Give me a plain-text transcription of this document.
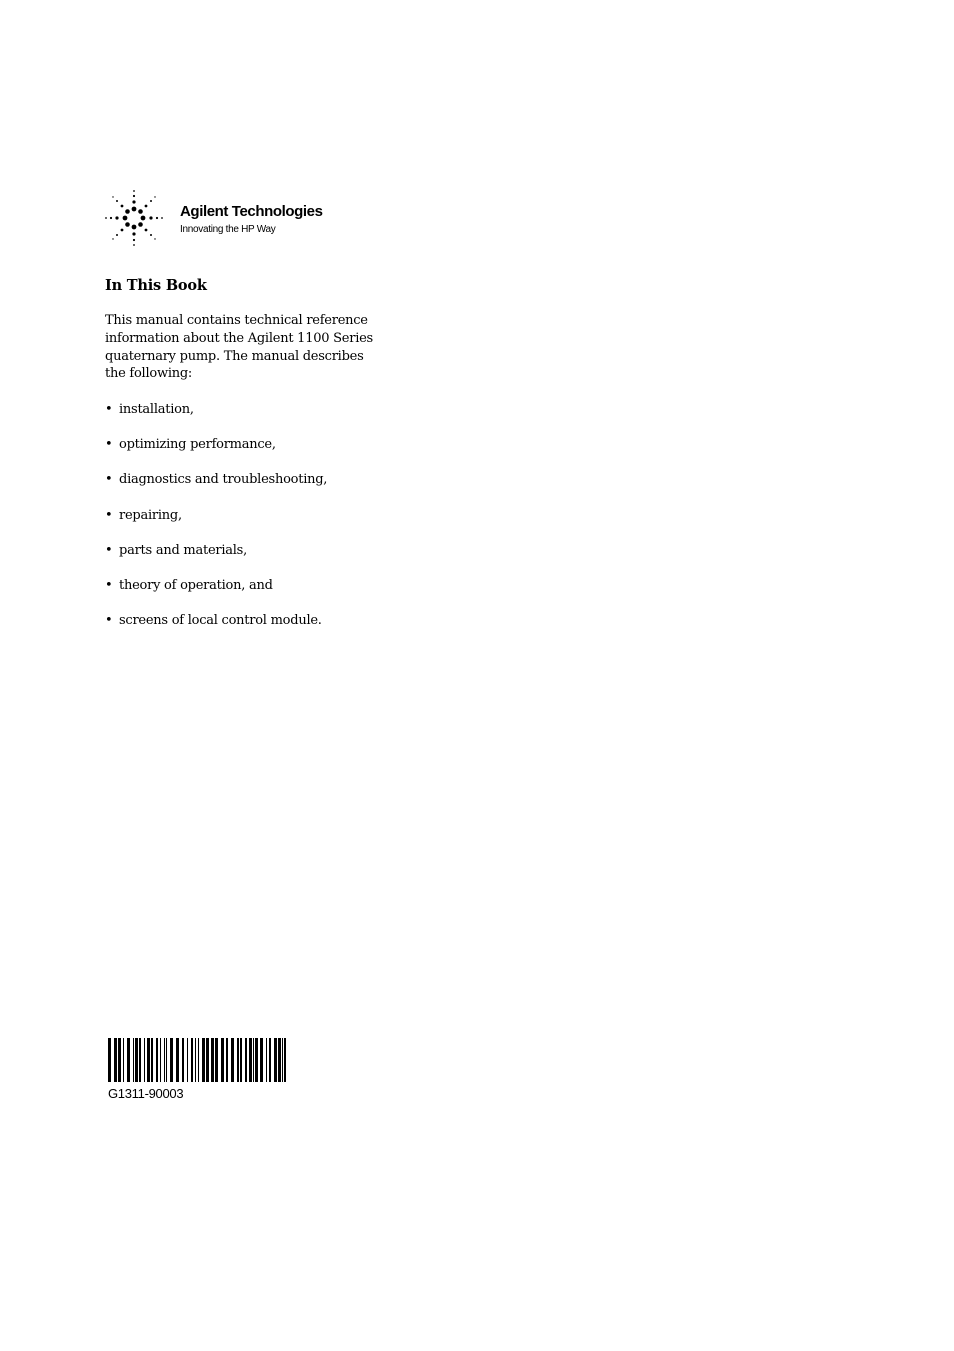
Agilent Technologies
Innovating the HP Way
In This Book

This manual contains technical reference information about the Agilent 1100 Series quaternary pump. The manual describes the following:

• installation,
• optimizing performance,
• diagnostics and troubleshooting,
• repairing,
• parts and materials,
• theory of operation, and
• screens of local control module.
G1311-90003
